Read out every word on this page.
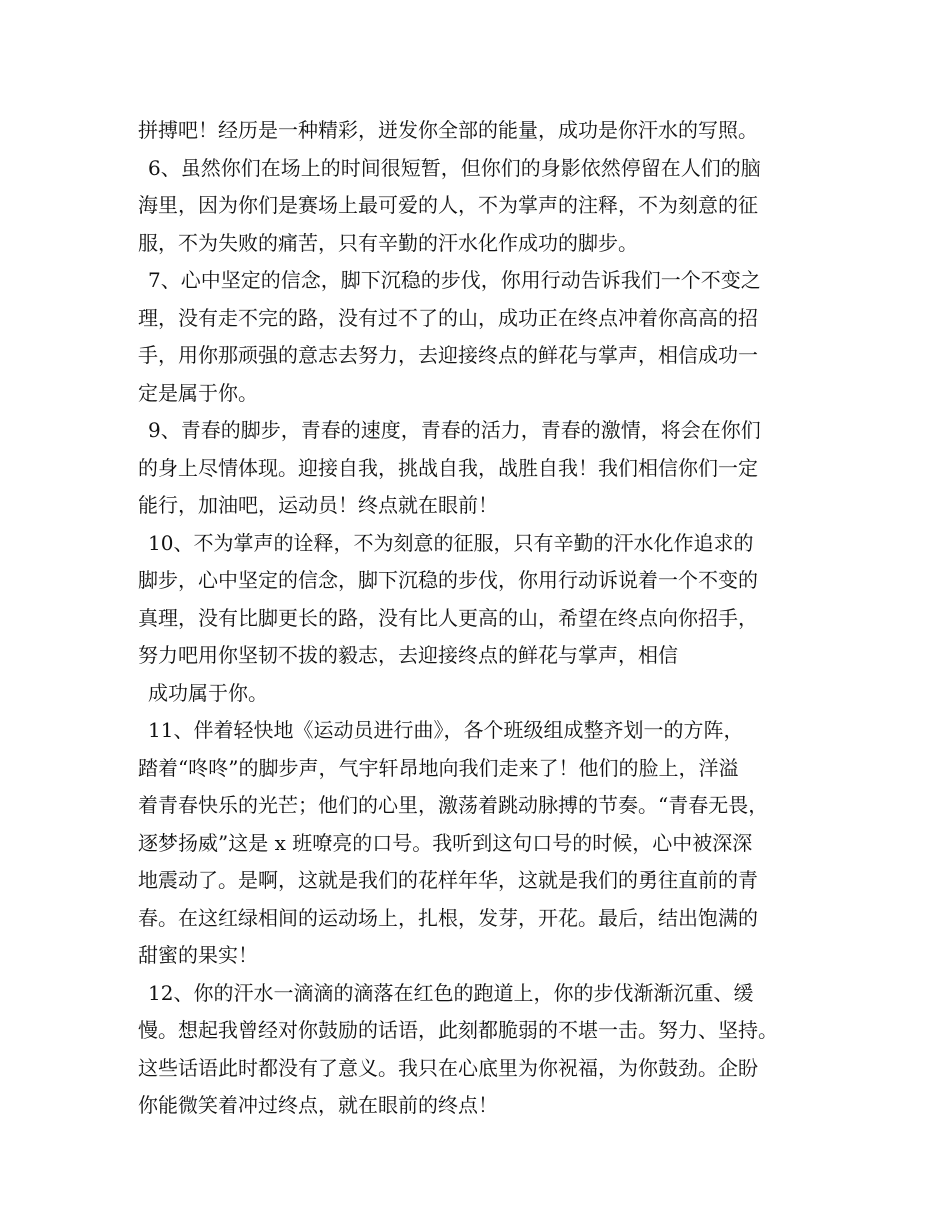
拼搏吧！经历是一种精彩，迸发你全部的能量，成功是你汗水的写照。
6、虽然你们在场上的时间很短暂，但你们的身影依然停留在人们的脑
海里，因为你们是赛场上最可爱的人，不为掌声的注释，不为刻意的征
服，不为失败的痛苦，只有辛勤的汗水化作成功的脚步。
7、心中坚定的信念，脚下沉稳的步伐，你用行动告诉我们一个不变之
理，没有走不完的路，没有过不了的山，成功正在终点冲着你高高的招
手，用你那顽强的意志去努力，去迎接终点的鲜花与掌声，相信成功一
定是属于你。
9、青春的脚步，青春的速度，青春的活力，青春的激情，将会在你们
的身上尽情体现。迎接自我，挑战自我，战胜自我！我们相信你们一定
能行，加油吧，运动员！终点就在眼前！
10、不为掌声的诠释，不为刻意的征服，只有辛勤的汗水化作追求的
脚步，心中坚定的信念，脚下沉稳的步伐，你用行动诉说着一个不变的
真理，没有比脚更长的路，没有比人更高的山，希望在终点向你招手，
努力吧用你坚韧不拔的毅志，去迎接终点的鲜花与掌声，相信
成功属于你。
11、伴着轻快地《运动员进行曲》，各个班级组成整齐划一的方阵，
踏着“咚咚”的脚步声，气宇轩昂地向我们走来了！他们的脸上，洋溢
着青春快乐的光芒；他们的心里，激荡着跳动脉搏的节奏。“青春无畏，
逐梦扬威”这是 x 班嘹亮的口号。我听到这句口号的时候，心中被深深
地震动了。是啊，这就是我们的花样年华，这就是我们的勇往直前的青
春。在这红绿相间的运动场上，扎根，发芽，开花。最后，结出饱满的
甜蜜的果实！
12、你的汗水一滴滴的滴落在红色的跑道上，你的步伐渐渐沉重、缓
慢。想起我曾经对你鼓励的话语，此刻都脆弱的不堪一击。努力、坚持。
这些话语此时都没有了意义。我只在心底里为你祝福，为你鼓劲。企盼
你能微笑着冲过终点，就在眼前的终点！
